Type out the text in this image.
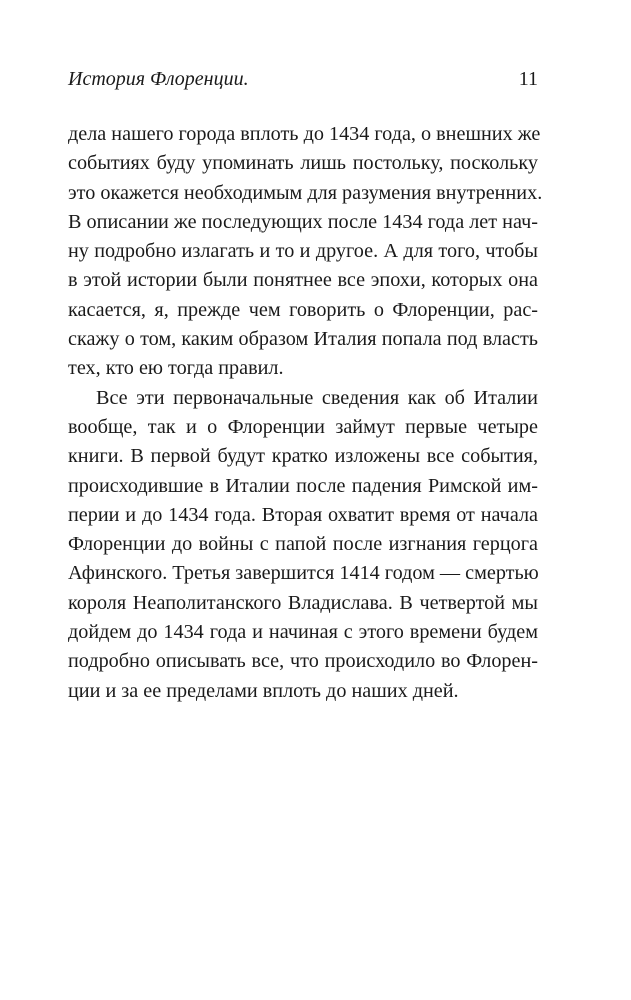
История Флоренции.	11
дела нашего города вплоть до 1434 года, о внешних же
событиях буду упоминать лишь постольку, поскольку
это окажется необходимым для разумения внутренних.
В описании же последующих после 1434 года лет нач-
ну подробно излагать и то и другое. А для того, чтобы
в этой истории были понятнее все эпохи, которых она
касается, я, прежде чем говорить о Флоренции, рас-
скажу о том, каким образом Италия попала под власть
тех, кто ею тогда правил.
Все эти первоначальные сведения как об Италии
вообще, так и о Флоренции займут первые четыре
книги. В первой будут кратко изложены все события,
происходившие в Италии после падения Римской им-
перии и до 1434 года. Вторая охватит время от начала
Флоренции до войны с папой после изгнания герцога
Афинского. Третья завершится 1414 годом — смертью
короля Неаполитанского Владислава. В четвертой мы
дойдем до 1434 года и начиная с этого времени будем
подробно описывать все, что происходило во Флорен-
ции и за ее пределами вплоть до наших дней.
